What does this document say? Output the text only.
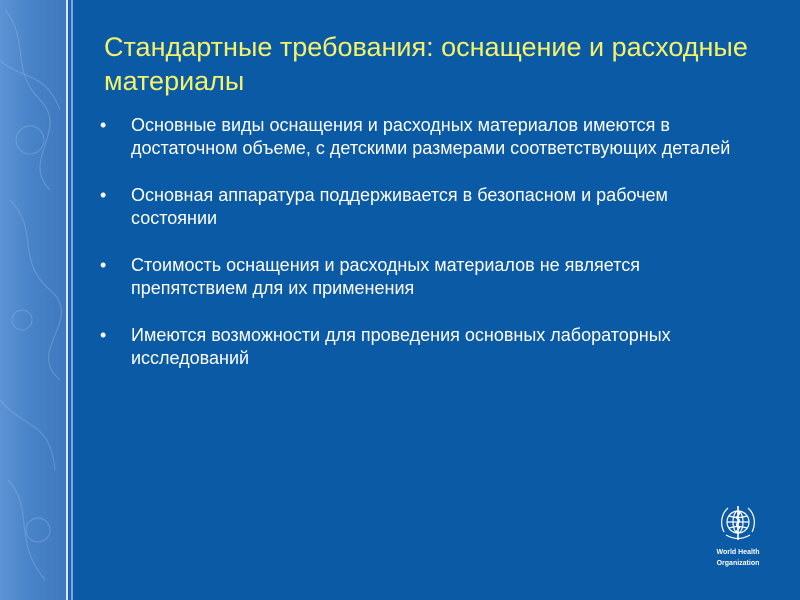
Стандартные требования: оснащение и расходные материалы
• Основные виды оснащения и расходных материалов имеются в достаточном объеме, с детскими размерами соответствующих деталей
• Основная аппаратура поддерживается в безопасном и рабочем состоянии
• Стоимость оснащения и расходных материалов не является препятствием для их применения
• Имеются возможности для проведения основных лабораторных исследований
World Health
Organization
